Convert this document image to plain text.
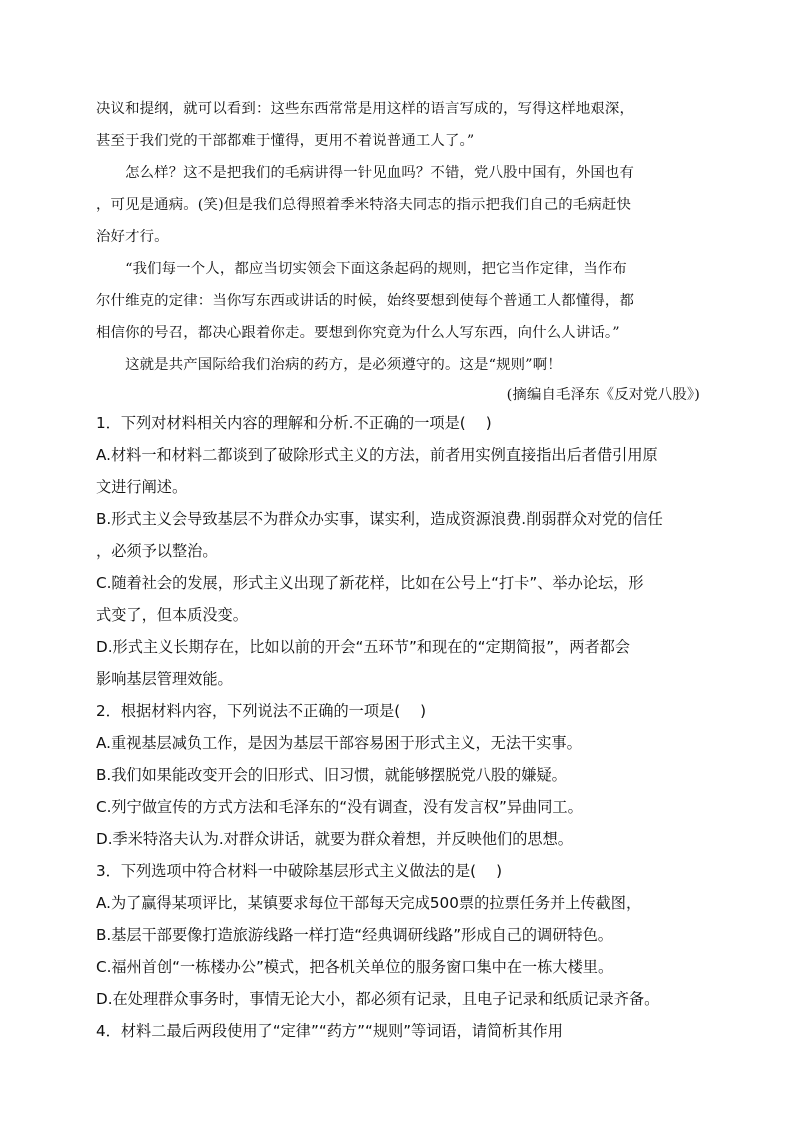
决议和提纲，就可以看到：这些东西常常是用这样的语言写成的，写得这样地艰深，
甚至于我们党的干部都难于懂得，更用不着说普通工人了。”
　　怎么样？这不是把我们的毛病讲得一针见血吗？不错，党八股中国有，外国也有
，可见是通病。(笑)但是我们总得照着季米特洛夫同志的指示把我们自己的毛病赶快
治好才行。
　　“我们每一个人，都应当切实领会下面这条起码的规则，把它当作定律，当作布
尔什维克的定律：当你写东西或讲话的时候，始终要想到使每个普通工人都懂得，都
相信你的号召，都决心跟着你走。要想到你究竟为什么人写东西，向什么人讲话。”
　　这就是共产国际给我们治病的药方，是必须遵守的。这是“规则”啊！
(摘编自毛泽东《反对党八股》)
1．下列对材料相关内容的理解和分析.不正确的一项是(　 )
A.材料一和材料二都谈到了破除形式主义的方法，前者用实例直接指出后者借引用原
文进行阐述。
B.形式主义会导致基层不为群众办实事，谋实利，造成资源浪费.削弱群众对党的信任
，必须予以整治。
C.随着社会的发展，形式主义出现了新花样，比如在公号上“打卡”、举办论坛，形
式变了，但本质没变。
D.形式主义长期存在，比如以前的开会“五环节”和现在的“定期简报”，两者都会
影响基层管理效能。
2．根据材料内容，下列说法不正确的一项是(　 )
A.重视基层减负工作，是因为基层干部容易困于形式主义，无法干实事。
B.我们如果能改变开会的旧形式、旧习惯，就能够摆脱党八股的嫌疑。
C.列宁做宣传的方式方法和毛泽东的“没有调查，没有发言权”异曲同工。
D.季米特洛夫认为.对群众讲话，就要为群众着想，并反映他们的思想。
3．下列选项中符合材料一中破除基层形式主义做法的是(　 )
A.为了赢得某项评比，某镇要求每位干部每天完成500票的拉票任务并上传截图，
B.基层干部要像打造旅游线路一样打造“经典调研线路”形成自己的调研特色。
C.福州首创“一栋楼办公”模式，把各机关单位的服务窗口集中在一栋大楼里。
D.在处理群众事务时，事情无论大小，都必须有记录，且电子记录和纸质记录齐备。
4．材料二最后两段使用了“定律”“药方”“规则”等词语，请简析其作用
